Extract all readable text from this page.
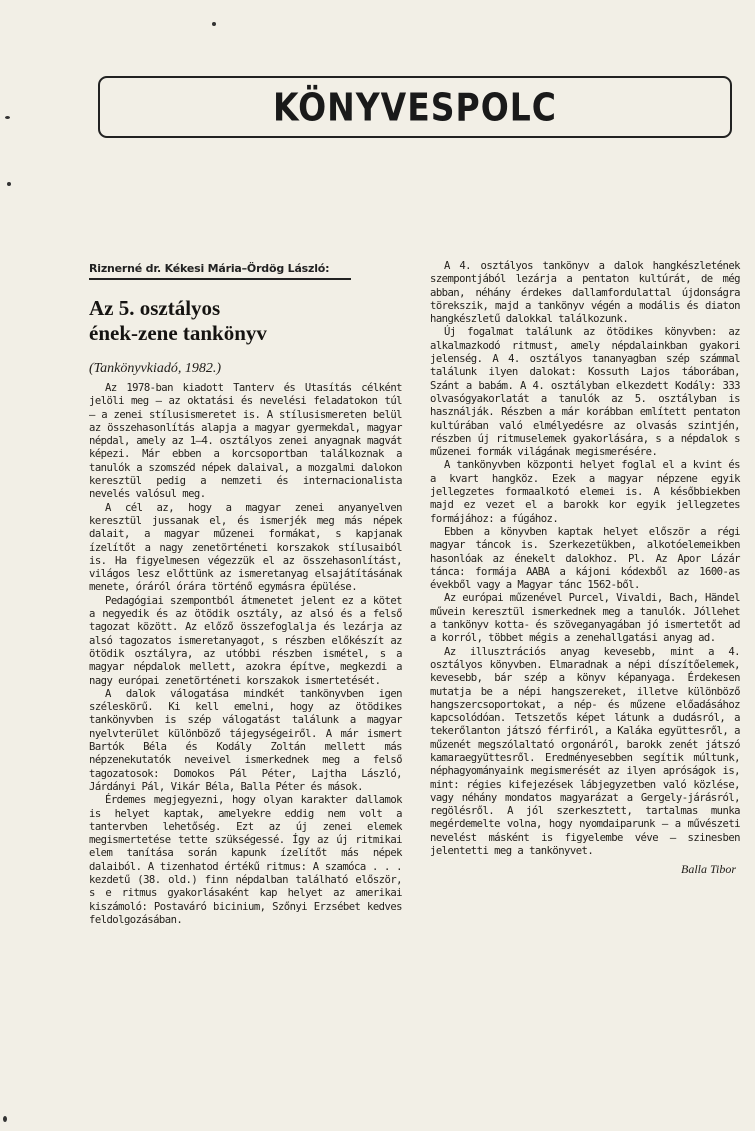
KÖNYVESPOLC
Riznerné dr. Kékesi Mária–Ördög László:
Az 5. osztályos
ének-zene tankönyv
(Tankönyvkiadó, 1982.)

Az 1978-ban kiadott Tanterv és Utasítás célként jelöli meg — az oktatási és nevelési feladatokon túl — a zenei stílusismeretet is. A stílusismereten belül az összehasonlítás alapja a magyar gyermekdal, magyar népdal, amely az 1—4. osztályos zenei anyagnak magvát képezi. Már ebben a korcsoportban találkoznak a tanulók a szomszéd népek dalaival, a mozgalmi dalokon keresztül pedig a nemzeti és internacionalista nevelés valósul meg.

A cél az, hogy a magyar zenei anyanyelven keresztül jussanak el, és ismerjék meg más népek dalait, a magyar műzenei formákat, s kapjanak ízelítőt a nagy zenetörténeti korszakok stílusaiból is. Ha figyelmesen végezzük el az összehasonlítást, világos lesz előttünk az ismeretanyag elsajátításának menete, óráról órára történő egymásra épülése.

Pedagógiai szempontból átmenetet jelent ez a kötet a negyedik és az ötödik osztály, az alsó és a felső tagozat között. Az előző összefoglalja és lezárja az alsó tagozatos ismeretanyagot, s részben előkészít az ötödik osztályra, az utóbbi részben ismétel, s a magyar népdalok mellett, azokra építve, megkezdi a nagy európai zenetörténeti korszakok ismertetését.

A dalok válogatása mindkét tankönyvben igen széleskörű. Ki kell emelni, hogy az ötödikes tankönyvben is szép válogatást találunk a magyar nyelvterület különböző tájegységeiről. A már ismert Bartók Béla és Kodály Zoltán mellett más népzenekutatók neveivel ismerkednek meg a felső tagozatosok: Domokos Pál Péter, Lajtha László, Járdányi Pál, Vikár Béla, Balla Péter és mások.

Érdemes megjegyezni, hogy olyan karakter dallamok is helyet kaptak, amelyekre eddig nem volt a tantervben lehetőség. Ezt az új zenei elemek megismertetése tette szükségessé. Így az új ritmikai elem tanítása során kapunk ízelítőt más népek dalaiból. A tizenhatod értékű ritmus: A szamóca . . . kezdetű (38. old.) finn népdalban található először, s e ritmus gyakorlásaként kap helyet az amerikai kiszámoló: Postaváró bicinium, Szőnyi Erzsébet kedves feldolgozásában.

A 4. osztályos tankönyv a dalok hangkészletének szempontjából lezárja a pentaton kultúrát, de még abban, néhány érdekes dallamfordulattal újdonságra törekszik, majd a tankönyv végén a modális és diaton hangkészletű dalokkal találkozunk.

Új fogalmat találunk az ötödikes könyvben: az alkalmazkodó ritmust, amely népdalainkban gyakori jelenség. A 4. osztályos tananyagban szép számmal találunk ilyen dalokat: Kossuth Lajos táborában, Szánt a babám. A 4. osztályban elkezdett Kodály: 333 olvasógyakorlatát a tanulók az 5. osztályban is használják. Részben a már korábban említett pentaton kultúrában való elmélyedésre az olvasás szintjén, részben új ritmuselemek gyakorlására, s a népdalok s műzenei formák világának megismerésére.

A tankönyvben központi helyet foglal el a kvint és a kvart hangköz. Ezek a magyar népzene egyik jellegzetes formaalkotó elemei is. A későbbiekben majd ez vezet el a barokk kor egyik jellegzetes formájához: a fúgához.

Ebben a könyvben kaptak helyet először a régi magyar táncok is. Szerkezetükben, alkotóelemeikben hasonlóak az énekelt dalokhoz. Pl. Az Apor Lázár tánca: formája AABA a kájoni kódexből az 1600-as évekből vagy a Magyar tánc 1562-ből.

Az európai műzenével Purcel, Vivaldi, Bach, Händel művein keresztül ismerkednek meg a tanulók. Jóllehet a tankönyv kotta- és szöveganyagában jó ismertetőt ad a korról, többet mégis a zenehallgatási anyag ad.

Az illusztrációs anyag kevesebb, mint a 4. osztályos könyvben. Elmaradnak a népi díszítőelemek, kevesebb, bár szép a könyv képanyaga. Érdekesen mutatja be a népi hangszereket, illetve különböző hangszercsoportokat, a nép- és műzene előadásához kapcsolódóan. Tetszetős képet látunk a dudásról, a tekerőlanton játszó férfiról, a Kaláka együttesről, a műzenét megszólaltató orgonáról, barokk zenét játszó kamaraegyüttesről. Eredményesebben segítik múltunk, néphagyományaink megismerését az ilyen apróságok is, mint: régies kifejezések lábjegyzetben való közlése, vagy néhány mondatos magyarázat a Gergely-járásról, regölésről. A jól szerkesztett, tartalmas munka megérdemelte volna, hogy nyomdaiparunk — a művészeti nevelést másként is figyelembe véve — szinesben jelentetti meg a tankönyvet.

Balla Tibor
